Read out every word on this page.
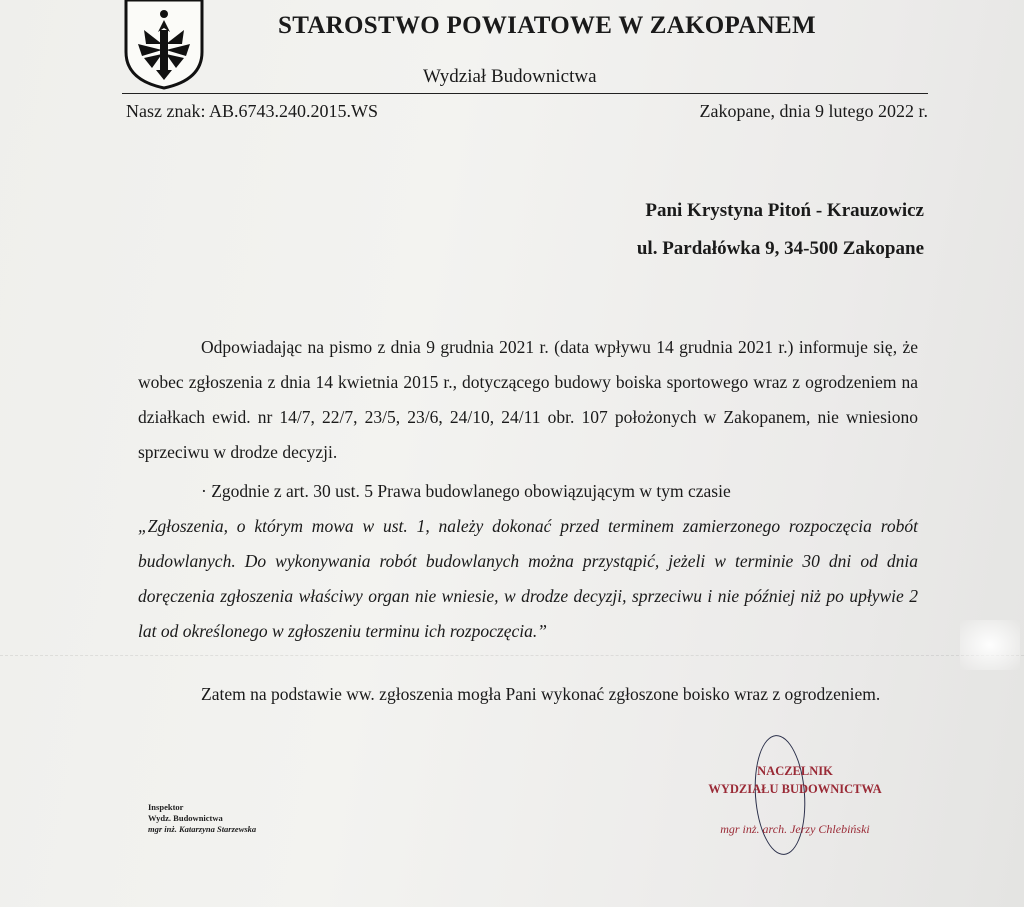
STAROSTWO POWIATOWE W ZAKOPANEM
Wydział Budownictwa
Nasz znak: AB.6743.240.2015.WS	Zakopane, dnia 9 lutego 2022 r.
Pani Krystyna Pitoń - Krauzowicz
ul. Pardałówka 9, 34-500 Zakopane
Odpowiadając na pismo z dnia 9 grudnia 2021 r. (data wpływu 14 grudnia 2021 r.) informuje się, że wobec zgłoszenia z dnia 14 kwietnia 2015 r., dotyczącego budowy boiska sportowego wraz z ogrodzeniem na działkach ewid. nr 14/7, 22/7, 23/5, 23/6, 24/10, 24/11 obr. 107 położonych w Zakopanem, nie wniesiono sprzeciwu w drodze decyzji.
· Zgodnie z art. 30 ust. 5 Prawa budowlanego obowiązującym w tym czasie
„Zgłoszenia, o którym mowa w ust. 1, należy dokonać przed terminem zamierzonego rozpoczęcia robót budowlanych. Do wykonywania robót budowlanych można przystąpić, jeżeli w terminie 30 dni od dnia doręczenia zgłoszenia właściwy organ nie wniesie, w drodze decyzji, sprzeciwu i nie później niż po upływie 2 lat od określonego w zgłoszeniu terminu ich rozpoczęcia.”
Zatem na podstawie ww. zgłoszenia mogła Pani wykonać zgłoszone boisko wraz z ogrodzeniem.
NACZELNIK
WYDZIAŁU BUDOWNICTWA
mgr inż. arch. Jerzy Chlebiński
Inspektor
Wydz. Budownictwa
mgr inż. Katarzyna Starzewska
